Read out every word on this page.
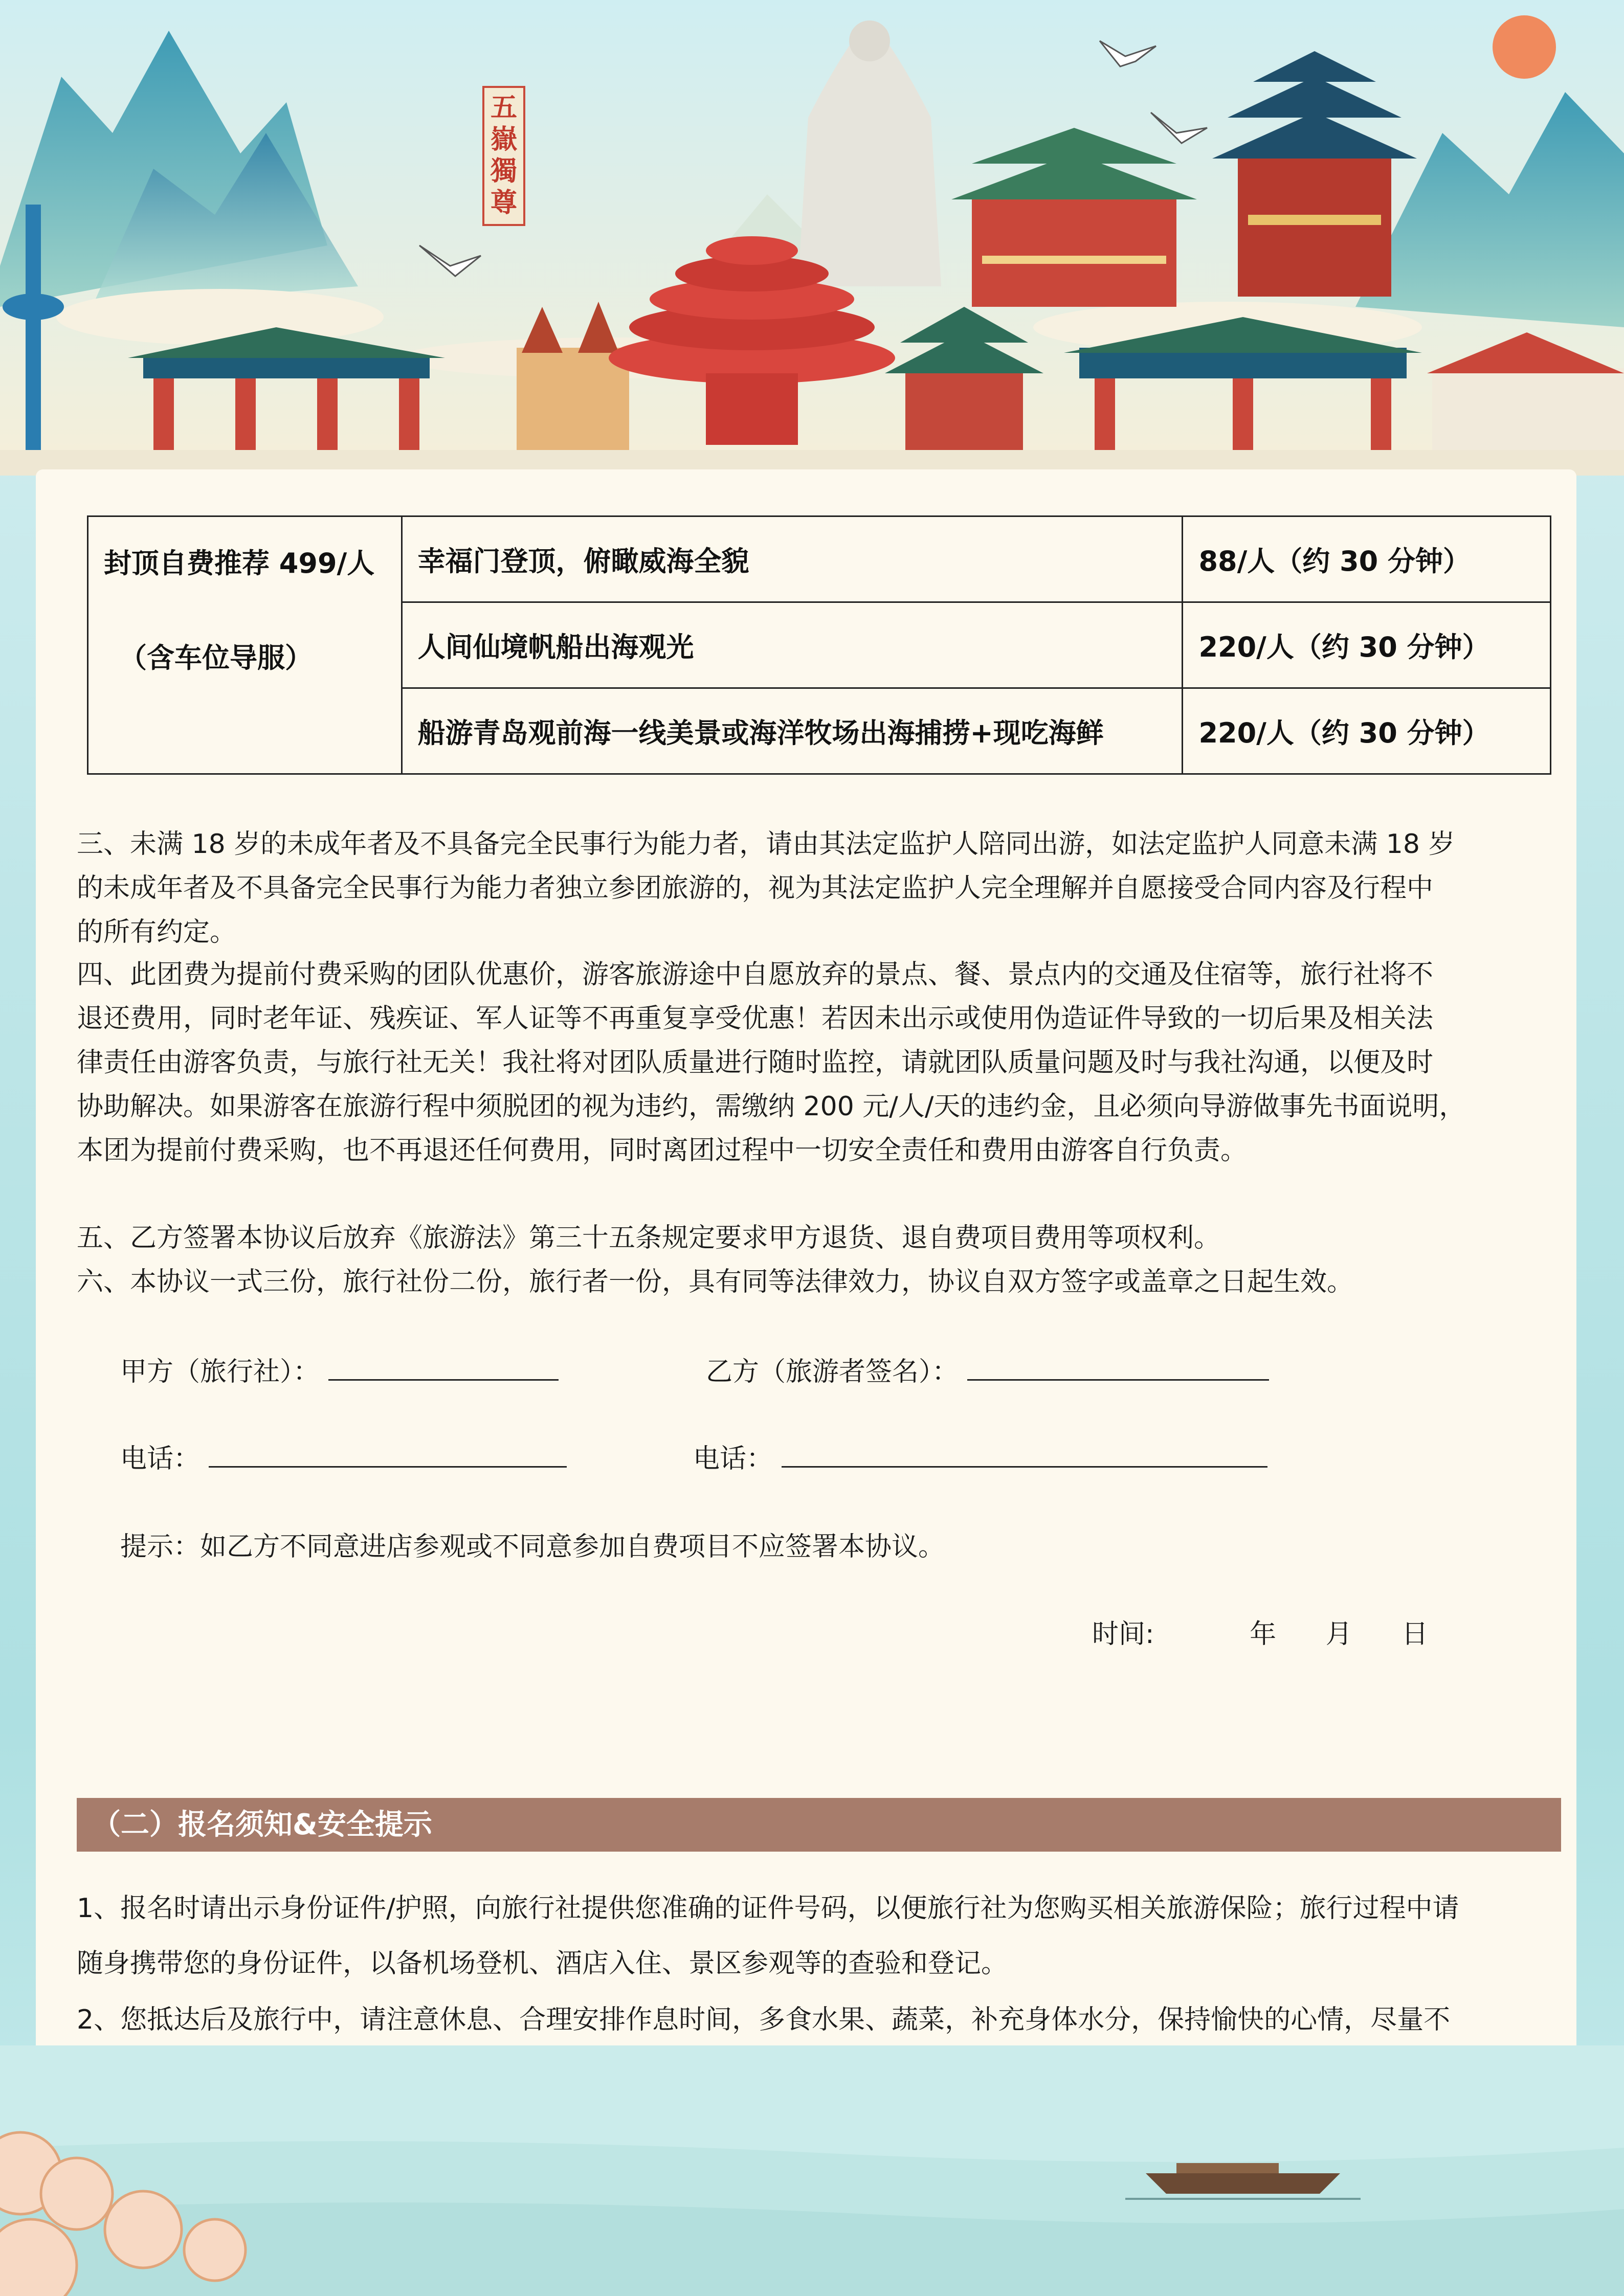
五
嶽
獨
尊
封顶自费推荐 499/人
（含车位导服）	幸福门登顶，俯瞰威海全貌	88/人（约 30 分钟）
	人间仙境帆船出海观光	220/人（约 30 分钟）
	船游青岛观前海一线美景或海洋牧场出海捕捞+现吃海鲜	220/人（约 30 分钟）
三、未满 18 岁的未成年者及不具备完全民事行为能力者，请由其法定监护人陪同出游，如法定监护人同意未满 18 岁
的未成年者及不具备完全民事行为能力者独立参团旅游的，视为其法定监护人完全理解并自愿接受合同内容及行程中
的所有约定。
四、此团费为提前付费采购的团队优惠价，游客旅游途中自愿放弃的景点、餐、景点内的交通及住宿等，旅行社将不
退还费用，同时老年证、残疾证、军人证等不再重复享受优惠！若因未出示或使用伪造证件导致的一切后果及相关法
律责任由游客负责，与旅行社无关！我社将对团队质量进行随时监控，请就团队质量问题及时与我社沟通，以便及时
协助解决。如果游客在旅游行程中须脱团的视为违约，需缴纳 200 元/人/天的违约金，且必须向导游做事先书面说明，
本团为提前付费采购，也不再退还任何费用，同时离团过程中一切安全责任和费用由游客自行负责。
五、乙方签署本协议后放弃《旅游法》第三十五条规定要求甲方退货、退自费项目费用等项权利。
六、本协议一式三份，旅行社份二份，旅行者一份，具有同等法律效力，协议自双方签字或盖章之日起生效。
甲方（旅行社）：	乙方（旅游者签名）：
电话：	电话：
提示：如乙方不同意进店参观或不同意参加自费项目不应签署本协议。
时间:	年 月 日
（二）报名须知&安全提示
1、报名时请出示身份证件/护照，向旅行社提供您准确的证件号码，以便旅行社为您购买相关旅游保险；旅行过程中请
随身携带您的身份证件，以备机场登机、酒店入住、景区参观等的查验和登记。
2、您抵达后及旅行中，请注意休息、合理安排作息时间，多食水果、蔬菜，补充身体水分，保持愉快的心情，尽量不
